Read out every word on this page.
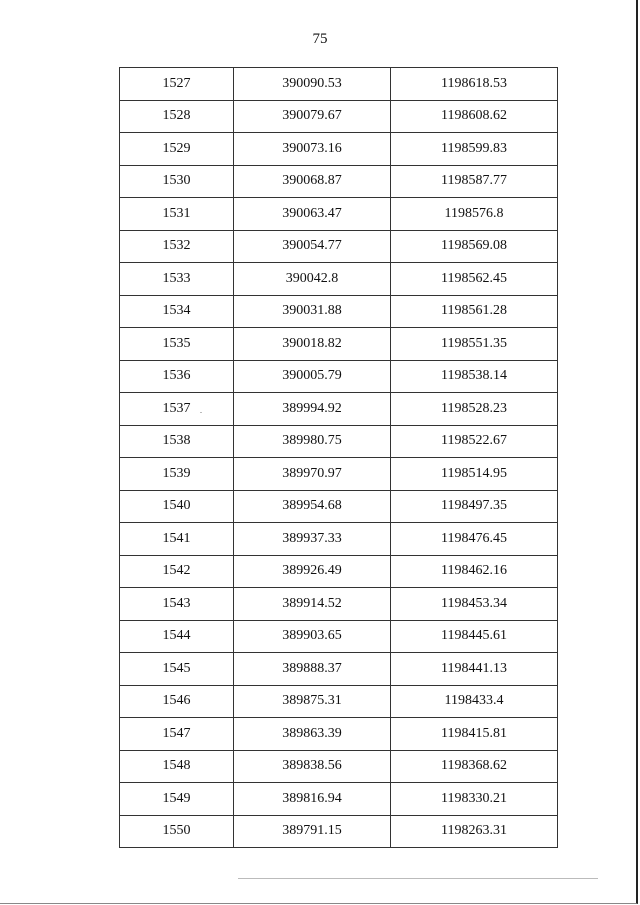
75
1527	390090.53	1198618.53
1528	390079.67	1198608.62
1529	390073.16	1198599.83
1530	390068.87	1198587.77
1531	390063.47	1198576.8
1532	390054.77	1198569.08
1533	390042.8	1198562.45
1534	390031.88	1198561.28
1535	390018.82	1198551.35
1536	390005.79	1198538.14
1537	389994.92	1198528.23
1538	389980.75	1198522.67
1539	389970.97	1198514.95
1540	389954.68	1198497.35
1541	389937.33	1198476.45
1542	389926.49	1198462.16
1543	389914.52	1198453.34
1544	389903.65	1198445.61
1545	389888.37	1198441.13
1546	389875.31	1198433.4
1547	389863.39	1198415.81
1548	389838.56	1198368.62
1549	389816.94	1198330.21
1550	389791.15	1198263.31
